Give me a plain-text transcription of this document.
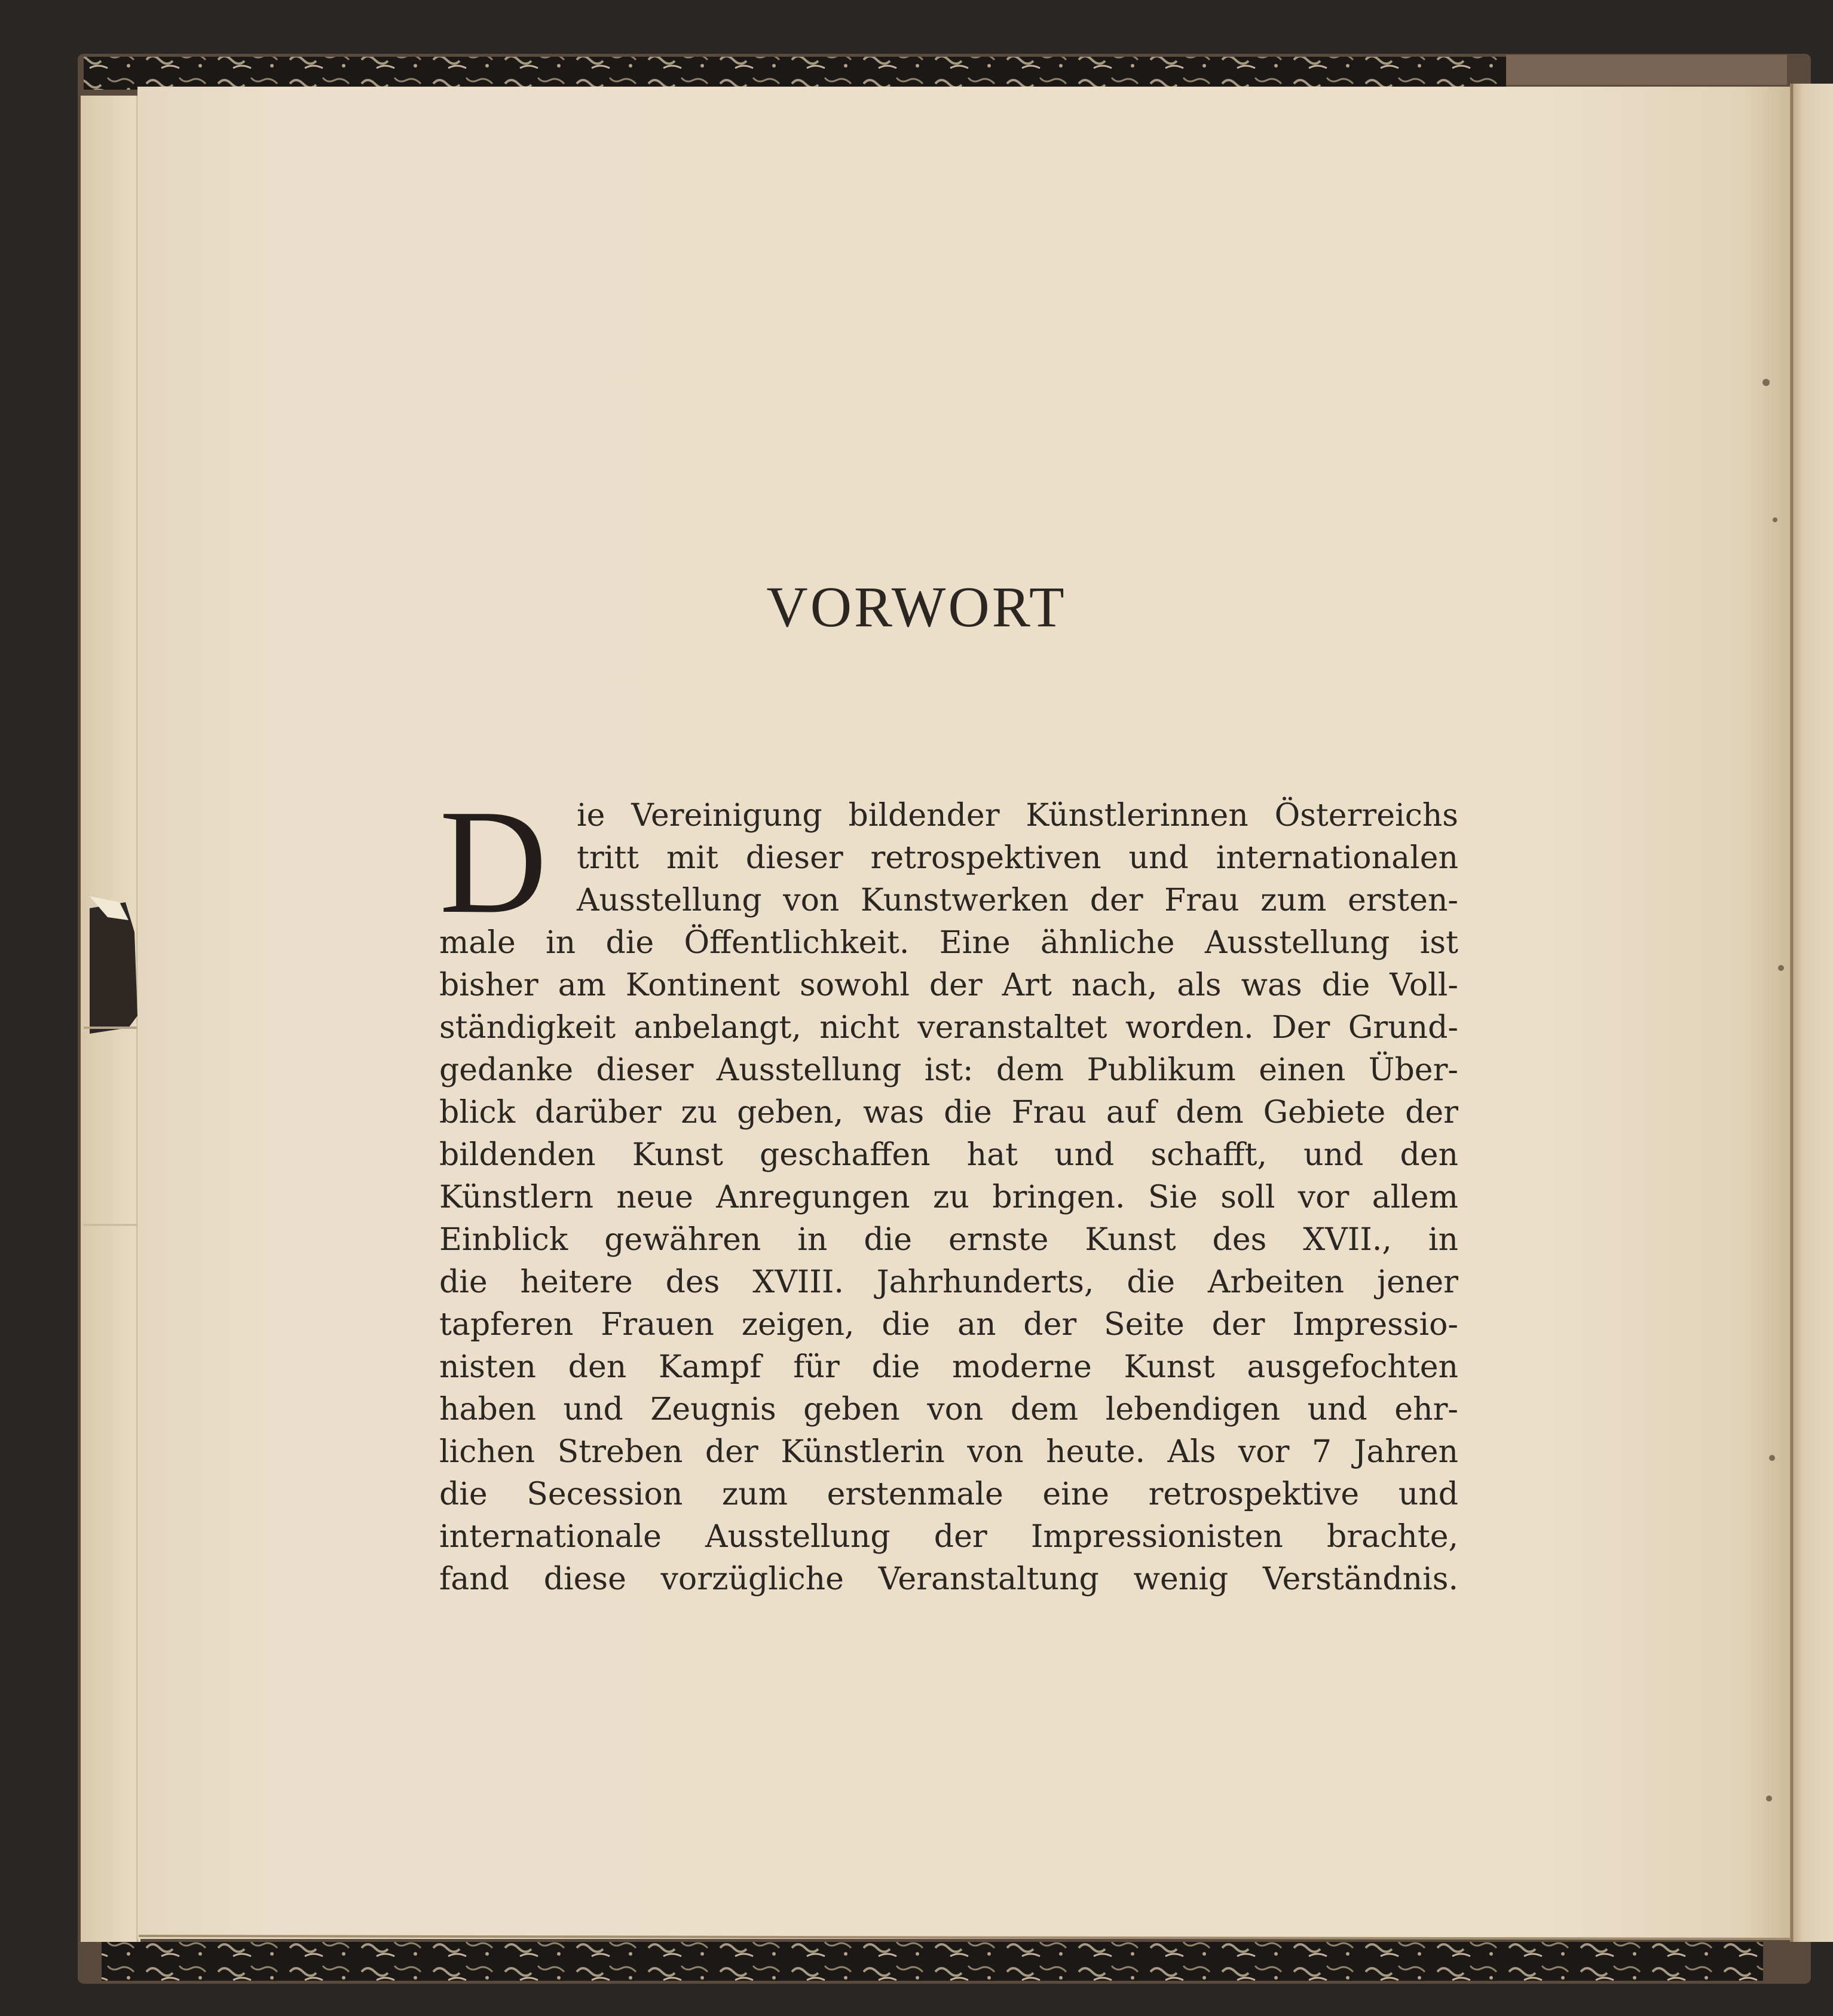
VORWORT
D ie Vereinigung bildender Künstlerinnen Österreichs
tritt mit dieser retrospektiven und internationalen
Ausstellung von Kunstwerken der Frau zum ersten-
male in die Öffentlichkeit. Eine ähnliche Ausstellung ist
bisher am Kontinent sowohl der Art nach, als was die Voll-
ständigkeit anbelangt, nicht veranstaltet worden. Der Grund-
gedanke dieser Ausstellung ist: dem Publikum einen Über-
blick darüber zu geben, was die Frau auf dem Gebiete der
bildenden Kunst geschaffen hat und schafft, und den
Künstlern neue Anregungen zu bringen. Sie soll vor allem
Einblick gewähren in die ernste Kunst des XVII., in
die heitere des XVIII. Jahrhunderts, die Arbeiten jener
tapferen Frauen zeigen, die an der Seite der Impressio-
nisten den Kampf für die moderne Kunst ausgefochten
haben und Zeugnis geben von dem lebendigen und ehr-
lichen Streben der Künstlerin von heute. Als vor 7 Jahren
die Secession zum erstenmale eine retrospektive und
internationale Ausstellung der Impressionisten brachte,
fand diese vorzügliche Veranstaltung wenig Verständnis.
